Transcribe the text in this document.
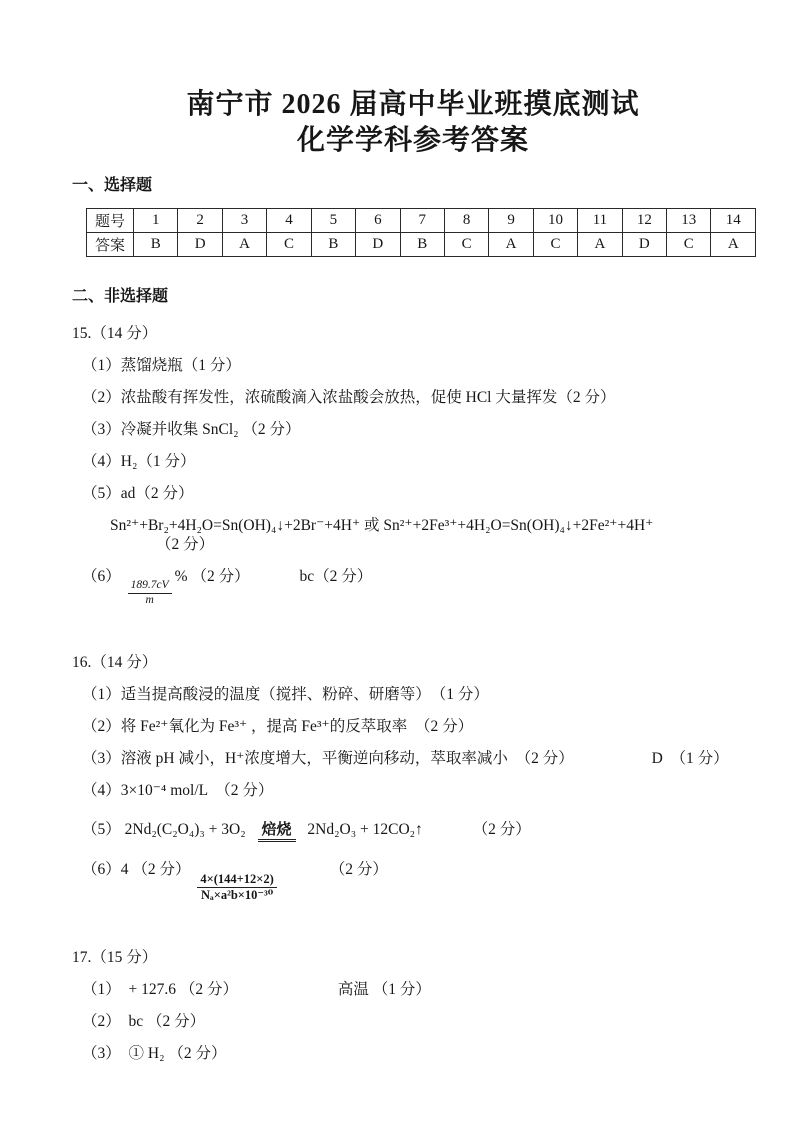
南宁市 2026 届高中毕业班摸底测试
化学学科参考答案
一、选择题
题号	1	2	3	4	5	6	7	8	9	10	11	12	13	14
答案	B	D	A	C	B	D	B	C	A	C	A	D	C	A
二、非选择题
15.（14 分）
（1）蒸馏烧瓶（1 分）
（2）浓盐酸有挥发性，浓硫酸滴入浓盐酸会放热，促使 HCl 大量挥发（2 分）
（3）冷凝并收集 SnCl₂ （2 分）
（4）H₂（1 分）
（5）ad（2 分）
Sn²⁺+Br₂+4H₂O=Sn(OH)₄↓+2Br⁻+4H⁺ 或 Sn²⁺+2Fe³⁺+4H₂O=Sn(OH)₄↓+2Fe²⁺+4H⁺ （2 分）
（6）
$\frac{189.7cV}{m}$
% （2 分）	bc（2 分）
16.（14 分）
（1）适当提高酸浸的温度（搅拌、粉碎、研磨等）　（1 分）
（2）将 Fe²⁺氧化为 Fe³⁺ ，提高 Fe³⁺的反萃取率　（2 分）
（3）溶液 pH 减小，H⁺浓度增大，平衡逆向移动，萃取率减小　（2 分）	D　（1 分）
（4）3×10⁻⁴ mol/L　（2 分）
（5） 2Nd₂(C₂O₄)₃ + 3O₂ 焙烧 2Nd₂O₃ + 12CO₂↑	（2 分）
（6）4 （2 分）
$\frac{4\times(144+12\times 2)}{\text{Nₐ×a²b×10⁻³⁰}}$
（2 分）
17.（15 分）
（1）　+ 127.6 （2 分）	高温 （1 分）
（2）　bc （2 分）
（3）　① H₂ （2 分）
